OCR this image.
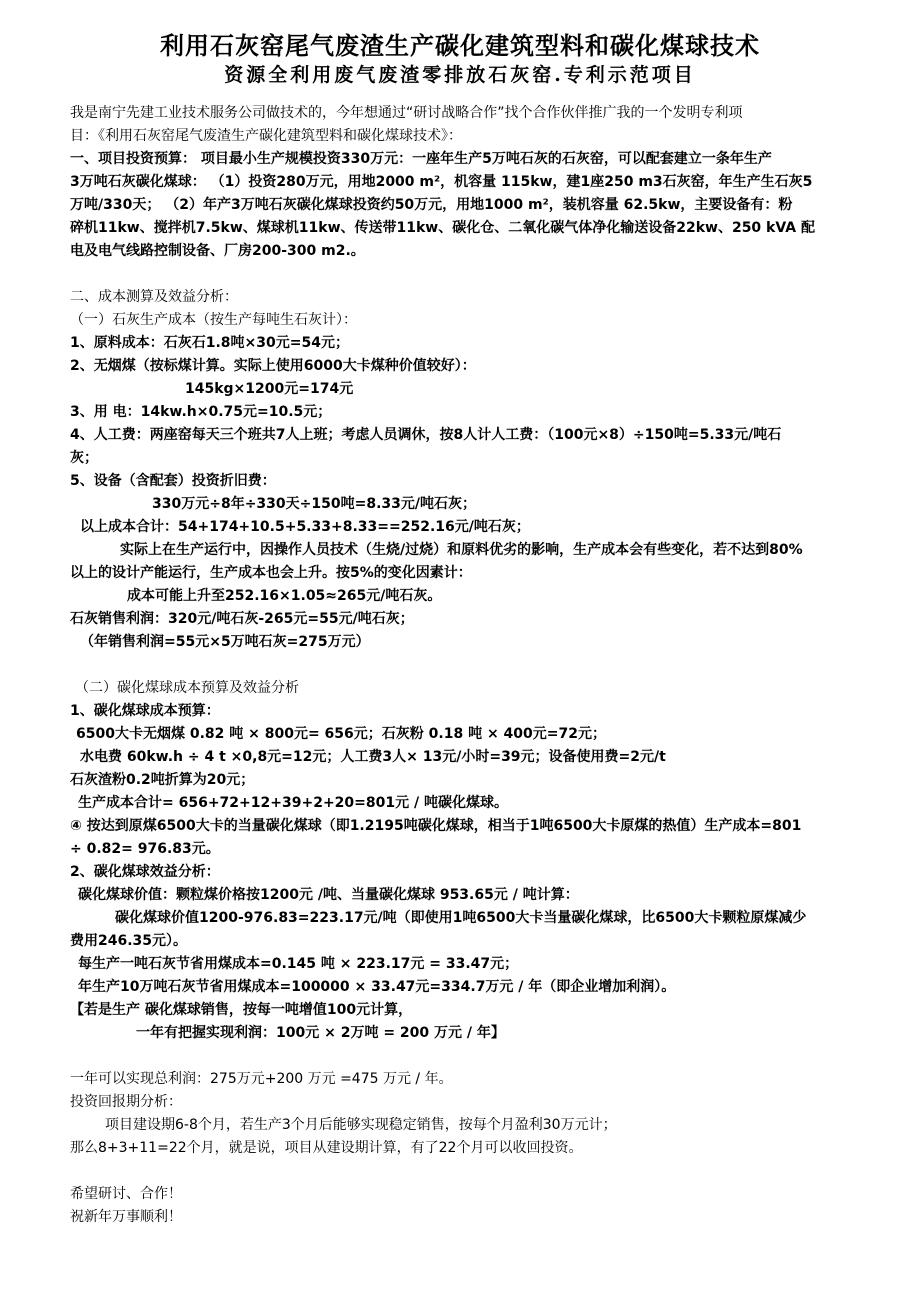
利用石灰窑尾气废渣生产碳化建筑型料和碳化煤球技术
资源全利用废气废渣零排放石灰窑.专利示范项目
我是南宁先建工业技术服务公司做技术的，今年想通过“研讨战略合作”找个合作伙伴推广我的一个发明专利项
目：《利用石灰窑尾气废渣生产碳化建筑型料和碳化煤球技术》：
一、项目投资预算： 项目最小生产规模投资330万元：一座年生产5万吨石灰的石灰窑，可以配套建立一条年生产
3万吨石灰碳化煤球： （1）投资280万元，用地2000 m²，机容量 115kw，建1座250 m3石灰窑，年生产生石灰5
万吨/330天； （2）年产3万吨石灰碳化煤球投资约50万元，用地1000 m²，装机容量 62.5kw，主要设备有：粉
碎机11kw、搅拌机7.5kw、煤球机11kw、传送带11kw、碳化仓、二氧化碳气体净化输送设备22kw、250 kVA 配
电及电气线路控制设备、厂房200-300 m2.。
二、成本测算及效益分析：
（一）石灰生产成本（按生产每吨生石灰计）：
1、原料成本：石灰石1.8吨×30元=54元；
2、无烟煤（按标煤计算。实际上使用6000大卡煤种价值较好）：
145kg×1200元=174元
3、用 电：14kw.h×0.75元=10.5元；
4、人工费：两座窑每天三个班共7人上班；考虑人员调休，按8人计人工费：（100元×8）÷150吨=5.33元/吨石
灰；
5、设备（含配套）投资折旧费：
330万元÷8年÷330天÷150吨=8.33元/吨石灰；
以上成本合计：54+174+10.5+5.33+8.33==252.16元/吨石灰；
实际上在生产运行中，因操作人员技术（生烧/过烧）和原料优劣的影响，生产成本会有些变化，若不达到80%
以上的设计产能运行，生产成本也会上升。按5%的变化因素计：
成本可能上升至252.16×1.05≈265元/吨石灰。
石灰销售利润：320元/吨石灰-265元=55元/吨石灰；
（年销售利润=55元×5万吨石灰=275万元）
（二）碳化煤球成本预算及效益分析
1、碳化煤球成本预算：
6500大卡无烟煤 0.82 吨 × 800元= 656元；石灰粉 0.18 吨 × 400元=72元；
水电费 60kw.h ÷ 4 t ×0,8元=12元；人工费3人× 13元/小时=39元；设备使用费=2元/t
石灰渣粉0.2吨折算为20元；
生产成本合计= 656+72+12+39+2+20=801元 / 吨碳化煤球。
④ 按达到原煤6500大卡的当量碳化煤球（即1.2195吨碳化煤球，相当于1吨6500大卡原煤的热值）生产成本=801
÷ 0.82= 976.83元。
2、碳化煤球效益分析：
碳化煤球价值：颗粒煤价格按1200元 /吨、当量碳化煤球 953.65元 / 吨计算：
碳化煤球价值1200-976.83=223.17元/吨（即使用1吨6500大卡当量碳化煤球，比6500大卡颗粒原煤减少
费用246.35元）。
每生产一吨石灰节省用煤成本=0.145 吨 × 223.17元 = 33.47元；
年生产10万吨石灰节省用煤成本=100000 × 33.47元=334.7万元 / 年（即企业增加利润）。
【若是生产 碳化煤球销售，按每一吨增值100元计算，
一年有把握实现利润：100元 × 2万吨 = 200 万元 / 年】
一年可以实现总利润：275万元+200 万元 =475 万元 / 年。
投资回报期分析：
项目建设期6-8个月，若生产3个月后能够实现稳定销售，按每个月盈利30万元计；
那么8+3+11=22个月，就是说，项目从建设期计算，有了22个月可以收回投资。
希望研讨、合作！
祝新年万事顺利！
